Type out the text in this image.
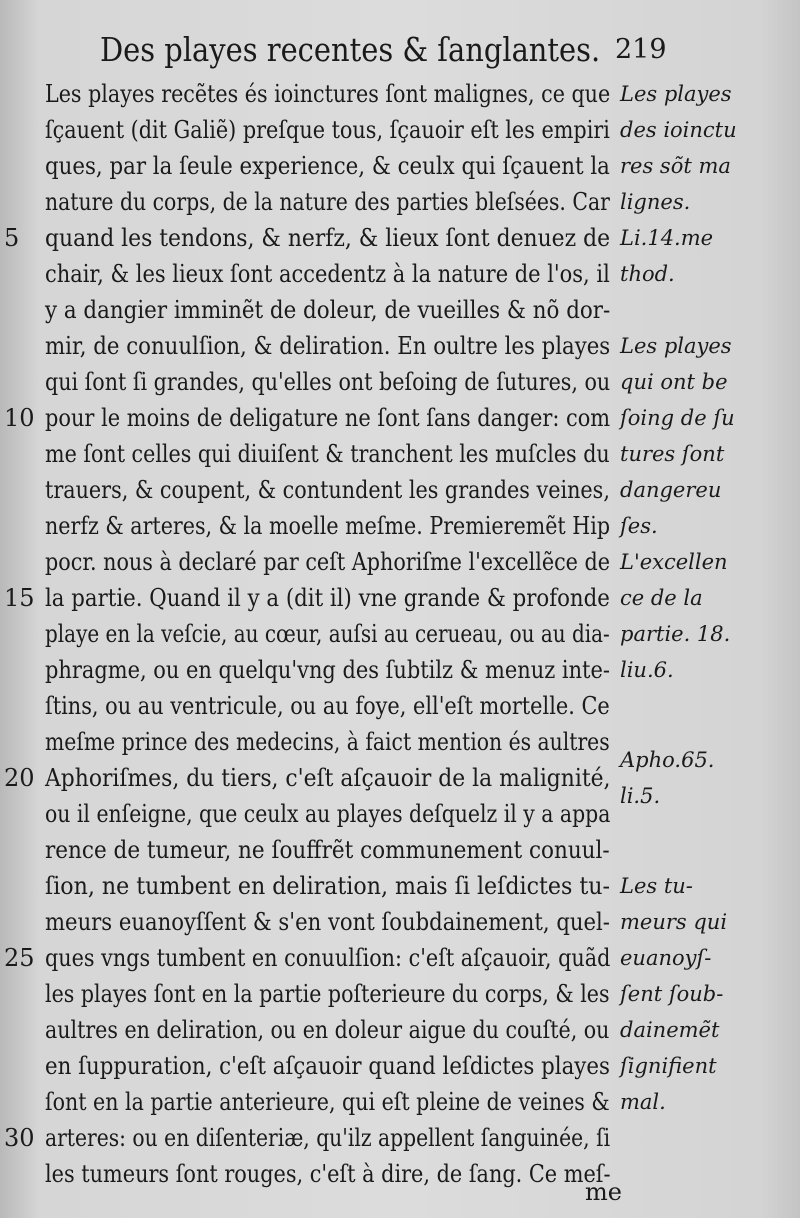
Des playes recentes & ſanglantes. 219
Les playes recẽtes és ioinctures ſont malignes, ce que
ſçauent (dit Galiẽ) preſque tous, ſçauoir eſt les empiri
ques, par la ſeule experience, & ceulx qui ſçauent la
nature du corps, de la nature des parties bleſsées. Car
quand les tendons, & nerfz, & lieux ſont denuez de
chair, & les lieux ſont accedentz à la nature de l'os, il
y a dangier imminẽt de doleur, de vueilles & nõ dor-
mir, de conuulſion, & deliration. En oultre les playes
qui ſont ſi grandes, qu'elles ont beſoing de ſutures, ou
pour le moins de deligature ne ſont ſans danger: com
me ſont celles qui diuiſent & tranchent les muſcles du
trauers, & coupent, & contundent les grandes veines,
nerfz & arteres, & la moelle meſme. Premieremẽt Hip
pocr. nous à declaré par ceſt Aphoriſme l'excellẽce de
la partie. Quand il y a (dit il) vne grande & profonde
playe en la veſcie, au cœur, auſsi au cerueau, ou au dia-
phragme, ou en quelqu'vng des ſubtilz & menuz inte-
ſtins, ou au ventricule, ou au foye, ell'eſt mortelle. Ce
meſme prince des medecins, à faict mention és aultres
Aphoriſmes, du tiers, c'eſt aſçauoir de la malignité,
ou il enſeigne, que ceulx au playes deſquelz il y a appa
rence de tumeur, ne ſouffrẽt communement conuul-
ſion, ne tumbent en deliration, mais ſi leſdictes tu-
meurs euanoyſſent & s'en vont ſoubdainement, quel-
ques vngs tumbent en conuulſion: c'eſt aſçauoir, quãd
les playes ſont en la partie poſterieure du corps, & les
aultres en deliration, ou en doleur aigue du couſté, ou
en ſuppuration, c'eſt aſçauoir quand leſdictes playes
ſont en la partie anterieure, qui eſt pleine de veines &
arteres: ou en diſenteriæ, qu'ilz appellent ſanguinée, ſi
les tumeurs ſont rouges, c'eſt à dire, de ſang. Ce meſ-
5
10
15
20
25
30
Les playes
des ioinctu
res sõt ma
lignes.
Li.14.me
thod.
Les playes
qui ont be
ſoing de ſu
tures ſont
dangereu
ſes.
L'excellen
ce de la
partie. 18.
liu.6.
Apho.65.
li.5.
Les tu-
meurs qui
euanoyſ-
ſent ſoub-
dainemẽt
ſignifient
mal.
me
